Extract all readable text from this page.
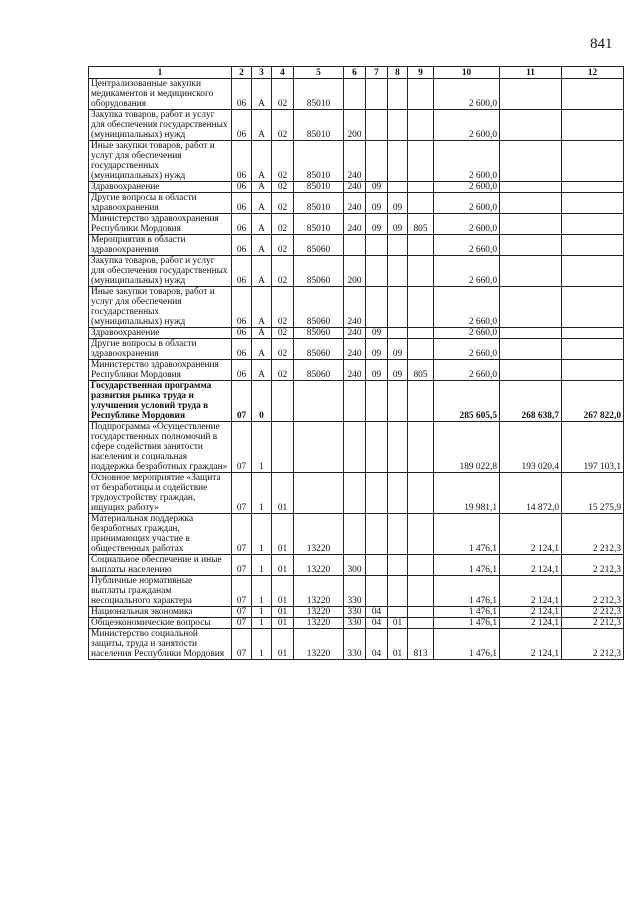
841
1	2	3	4	5	6	7	8	9	10	11	12
Централизованные закупки медикаментов и медицинского оборудования	06	А	02	85010					2 600,0		
Закупка товаров, работ и услуг для обеспечения государственных (муниципальных) нужд	06	А	02	85010	200				2 600,0		
Иные закупки товаров, работ и услуг для обеспечения государственных (муниципальных) нужд	06	А	02	85010	240				2 600,0		
Здравоохранение	06	А	02	85010	240	09			2 600,0		
Другие вопросы в области здравоохранения	06	А	02	85010	240	09	09		2 600,0		
Министерство здравоохранения Республики Мордовия	06	А	02	85010	240	09	09	805	2 600,0		
Мероприятия в области здравоохранения	06	А	02	85060					2 660,0		
Закупка товаров, работ и услуг для обеспечения государственных (муниципальных) нужд	06	А	02	85060	200				2 660,0		
Иные закупки товаров, работ и услуг для обеспечения государственных (муниципальных) нужд	06	А	02	85060	240				2 660,0		
Здравоохранение	06	А	02	85060	240	09			2 660,0		
Другие вопросы в области здравоохранения	06	А	02	85060	240	09	09		2 660,0		
Министерство здравоохранения Республики Мордовия	06	А	02	85060	240	09	09	805	2 660,0		
Государственная программа развития рынка труда и улучшения условий труда в Республике Мордовия	07	0							285 605,5	268 638,7	267 822,0
Подпрограмма «Осуществление государственных полномочий в сфере содействия занятости населения и социальная поддержка безработных граждан»	07	1							189 022,8	193 020,4	197 103,1
Основное мероприятие «Защита от безработицы и содействие трудоустройству граждан, ищущих работу»	07	1	01						19 981,1	14 872,0	15 275,9
Материальная поддержка безработных граждан, принимающих участие в общественных работах	07	1	01	13220					1 476,1	2 124,1	2 212,3
Социальное обеспечение и иные выплаты населению	07	1	01	13220	300				1 476,1	2 124,1	2 212,3
Публичные нормативные выплаты гражданам несоциального характера	07	1	01	13220	330				1 476,1	2 124,1	2 212,3
Национальная экономика	07	1	01	13220	330	04			1 476,1	2 124,1	2 212,3
Общеэкономические вопросы	07	1	01	13220	330	04	01		1 476,1	2 124,1	2 212,3
Министерство социальной защиты, труда и занятости населения Республики Мордовия	07	1	01	13220	330	04	01	813	1 476,1	2 124,1	2 212,3
